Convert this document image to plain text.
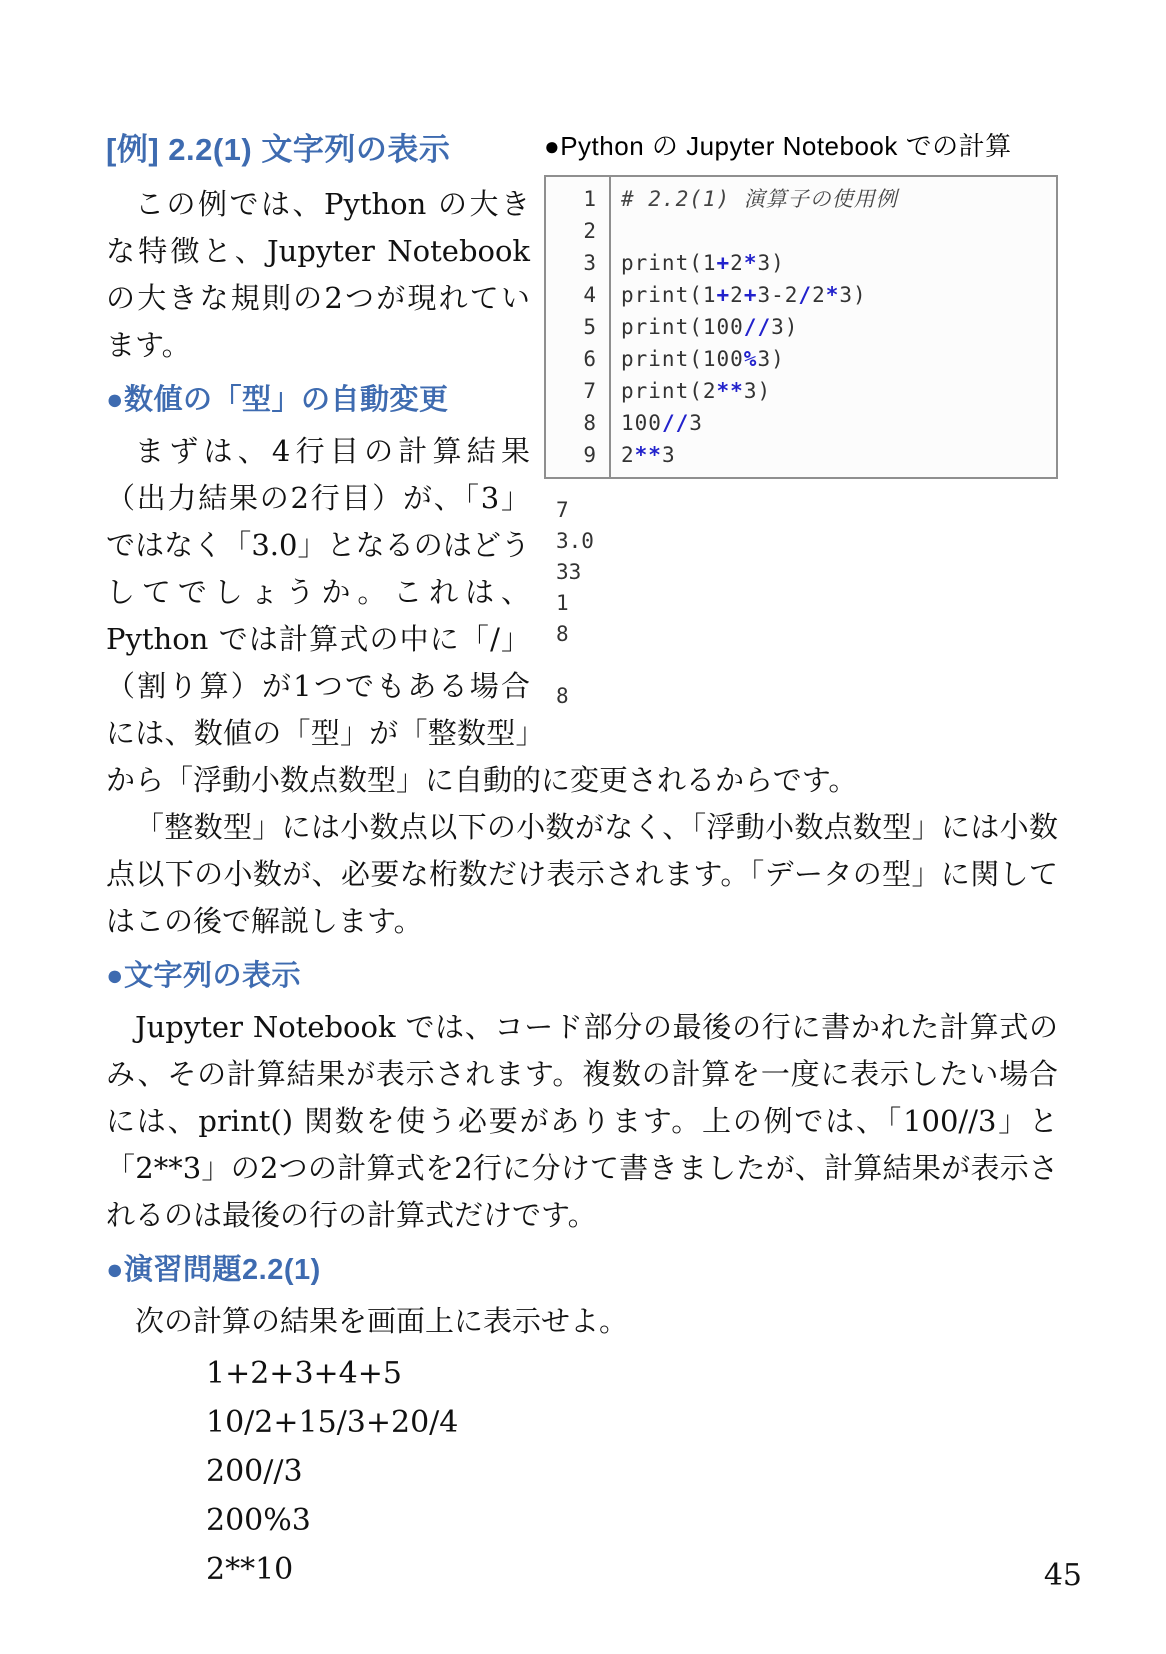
●Python の Jupyter Notebook での計算
1
2
3
4
5
6
7
8
9
# 2.2(1) 演算子の使用例

print(1+2*3)
print(1+2+3-2/2*3)
print(100//3)
print(100%3)
print(2**3)
100//3
2**3
7
3.0
33
1
8

8
[例] 2.2(1) 文字列の表示

この例では、Python の大きな特徴と、Jupyter Notebook の大きな規則の2つが現れています。

●数値の「型」の自動変更

まずは、4行目の計算結果（出力結果の2行目）が、「3」ではなく「3.0」となるのはどうしてでしょうか。これは、Python では計算式の中に「/」（割り算）が1つでもある場合には、数値の「型」が「整数型」から「浮動小数点数型」に自動的に変更されるからです。

「整数型」には小数点以下の小数がなく、「浮動小数点数型」には小数点以下の小数が、必要な桁数だけ表示されます。「データの型」に関してはこの後で解説します。

●文字列の表示

Jupyter Notebook では、コード部分の最後の行に書かれた計算式のみ、その計算結果が表示されます。複数の計算を一度に表示したい場合には、print() 関数を使う必要があります。上の例では、「100//3」と「2**3」の2つの計算式を2行に分けて書きましたが、計算結果が表示されるのは最後の行の計算式だけです。

●演習問題2.2(1)

次の計算の結果を画面上に表示せよ。

1+2+3+4+5
10/2+15/3+20/4
200//3
200%3
2**10	45
